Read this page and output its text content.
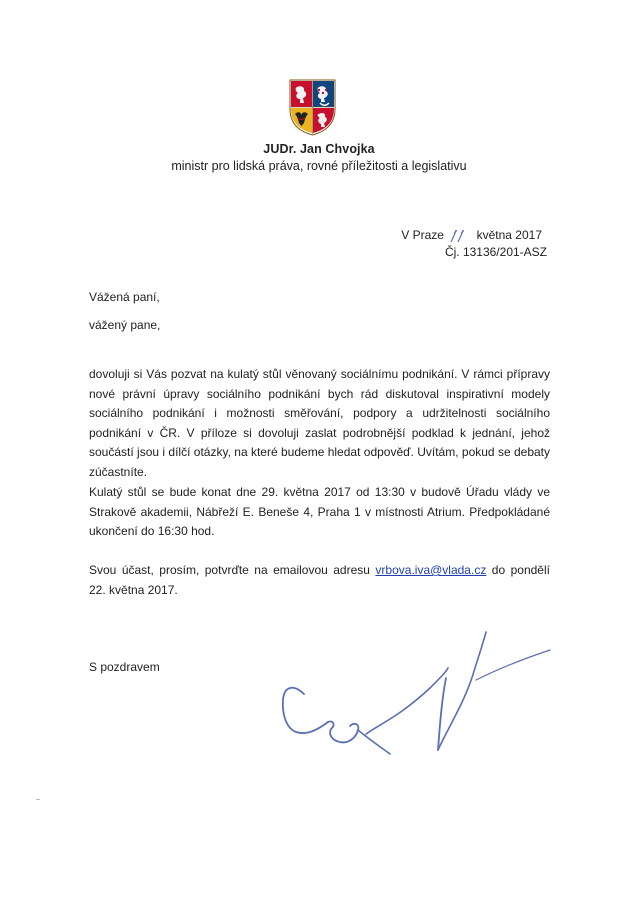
JUDr. Jan Chvojka
ministr pro lidská práva, rovné příležitosti a legislativu
V Praze	května 2017
Čj. 13136/201-ASZ
Vážená paní,
vážený pane,

dovoluji si Vás pozvat na kulatý stůl věnovaný sociálnímu podnikání. V rámci přípravy nové právní úpravy sociálního podnikání bych rád diskutoval inspirativní modely sociálního podnikání i možnosti směřování, podpory a udržitelnosti sociálního podnikání v ČR. V příloze si dovoluji zaslat podrobnější podklad k jednání, jehož součástí jsou i dílčí otázky, na které budeme hledat odpověď. Uvítám, pokud se debaty zúčastníte.

Kulatý stůl se bude konat dne 29. května 2017 od 13:30 v budově Úřadu vlády ve Strakově akademii, Nábřeží E. Beneše 4, Praha 1 v místnosti Atrium. Předpokládané ukončení do 16:30 hod.

Svou účast, prosím, potvrďte na emailovou adresu vrbova.iva@vlada.cz do pondělí 22. května 2017.

S pozdravem
